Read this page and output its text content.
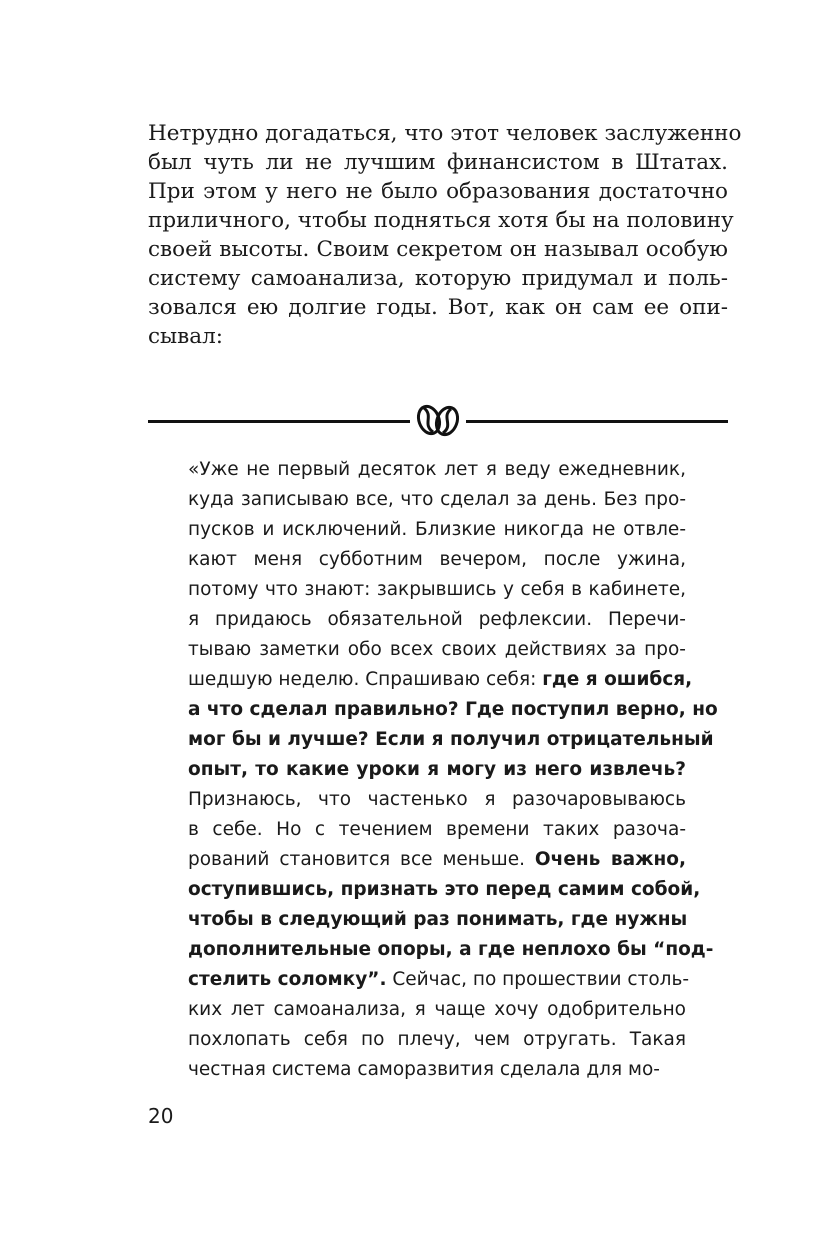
Нетрудно догадаться, что этот человек заслуженно
был чуть ли не лучшим финансистом в Штатах.
При этом у него не было образования достаточно
приличного, чтобы подняться хотя бы на половину
своей высоты. Своим секретом он называл особую
систему самоанализа, которую придумал и поль-
зовался ею долгие годы. Вот, как он сам ее опи-
сывал:
«Уже не первый десяток лет я веду ежедневник,
куда записываю все, что сделал за день. Без про-
пусков и исключений. Близкие никогда не отвле-
кают меня субботним вечером, после ужина,
потому что знают: закрывшись у себя в кабинете,
я придаюсь обязательной рефлексии. Перечи-
тываю заметки обо всех своих действиях за про-
шедшую неделю. Спрашиваю себя: где я ошибся,
а что сделал правильно? Где поступил верно, но
мог бы и лучше? Если я получил отрицательный
опыт, то какие уроки я могу из него извлечь?
Признаюсь, что частенько я разочаровываюсь
в себе. Но с течением времени таких разоча-
рований становится все меньше. Очень важно,
оступившись, признать это перед самим собой,
чтобы в следующий раз понимать, где нужны
дополнительные опоры, а где неплохо бы “под-
стелить соломку”. Сейчас, по прошествии столь-
ких лет самоанализа, я чаще хочу одобрительно
похлопать себя по плечу, чем отругать. Такая
честная система саморазвития сделала для мо-
20
